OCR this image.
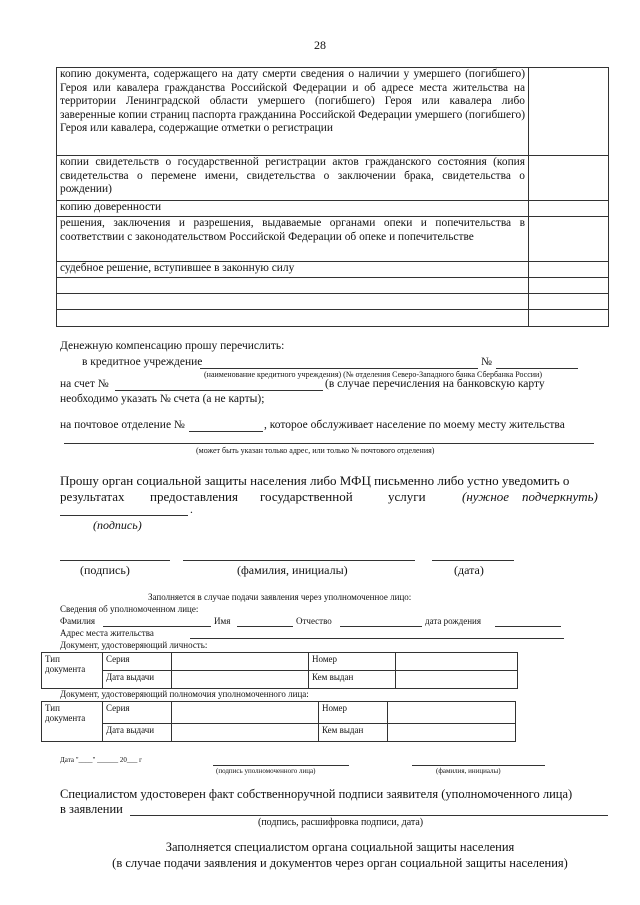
28
копию документа, содержащего на дату смерти сведения о наличии у умершего (погибшего) Героя или кавалера гражданства Российской Федерации и об адресе места жительства на территории Ленинградской области умершего (погибшего) Героя или кавалера либо заверенные копии страниц паспорта гражданина Российской Федерации умершего (погибшего) Героя или кавалера, содержащие отметки о регистрации	
копии свидетельств о государственной регистрации актов гражданского состояния (копия свидетельства о перемене имени, свидетельства о заключении брака, свидетельства о рождении)	
копию доверенности	
решения, заключения и разрешения, выдаваемые органами опеки и попечительства в соответствии с законодательством Российской Федерации об опеке и попечительстве	
судебное решение, вступившее в законную силу	

Денежную компенсацию прошу перечислить:
в кредитное учреждение	№
(наименование кредитного учреждения) (№ отделения Северо-Западного банка Сбербанка России)
на счет №	(в случае перечисления на банковскую карту
необходимо указать № счета (а не карты);
на почтовое отделение №	, которое обслуживает население по моему месту жительства
(может быть указан только адрес, или только № почтового отделения)
Прошу орган социальной защиты населения либо МФЦ письменно либо устно уведомить о
результатах предоставления государственной	услуги	(нужное    подчеркнуть)
.
(подпись)
(подпись)	(фамилия, инициалы)	(дата)
Заполняется в случае подачи заявления через уполномоченное лицо:
Сведения об уполномоченном лице:
Фамилия	Имя	Отчество	дата рождения
Адрес места жительства
Документ, удостоверяющий личность:
Тип документа	Серия		Номер	
	Дата выдачи		Кем выдан	
Документ, удостоверяющий полномочия уполномоченного лица:
Тип документа	Серия		Номер	
	Дата выдачи		Кем выдан	
Дата "____" ______ 20___ г
(подпись уполномоченного лица)	(фамилия, инициалы)
Специалистом удостоверен факт собственноручной подписи заявителя (уполномоченного лица)
в заявлении
(подпись, расшифровка подписи, дата)
Заполняется специалистом органа социальной защиты населения
(в случае подачи заявления и документов через орган социальной защиты населения)
